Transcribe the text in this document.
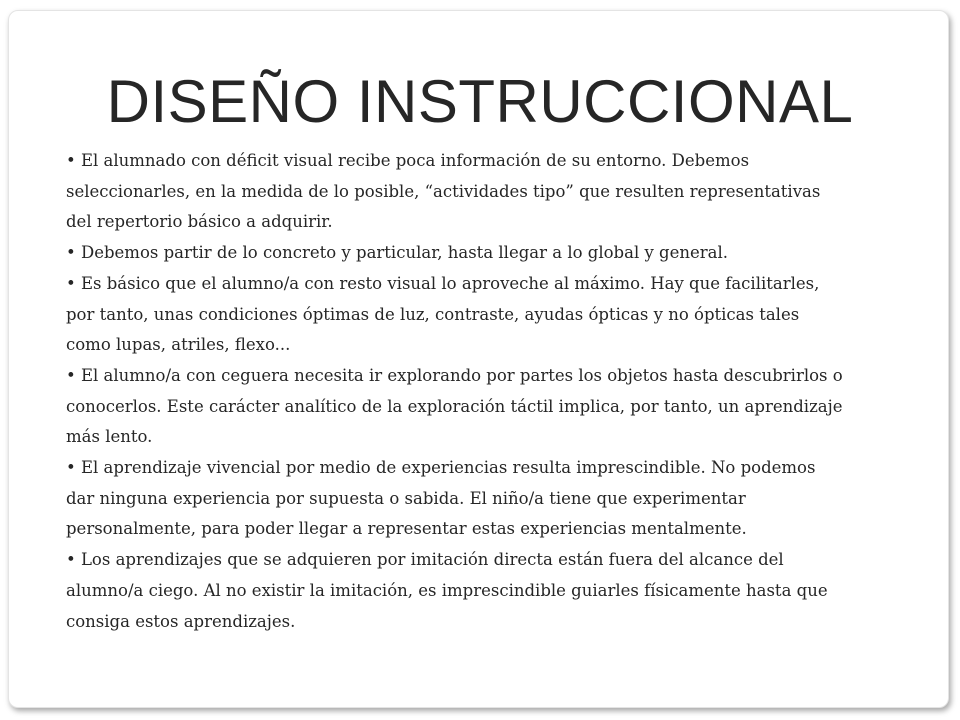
DISEÑO INSTRUCCIONAL
• El alumnado con déficit visual recibe poca información de su entorno. Debemos seleccionarles, en la medida de lo posible, “actividades tipo” que resulten representativas del repertorio básico a adquirir.
• Debemos partir de lo concreto y particular, hasta llegar a lo global y general.
• Es básico que el alumno/a con resto visual lo aproveche al máximo. Hay que facilitarles, por tanto, unas condiciones óptimas de luz, contraste, ayudas ópticas y no ópticas tales como lupas, atriles, flexo...
• El alumno/a con ceguera necesita ir explorando por partes los objetos hasta descubrirlos o conocerlos. Este carácter analítico de la exploración táctil implica, por tanto, un aprendizaje más lento.
• El aprendizaje vivencial por medio de experiencias resulta imprescindible. No podemos dar ninguna experiencia por supuesta o sabida. El niño/a tiene que experimentar personalmente, para poder llegar a representar estas experiencias mentalmente.
• Los aprendizajes que se adquieren por imitación directa están fuera del alcance del alumno/a ciego. Al no existir la imitación, es imprescindible guiarles físicamente hasta que consiga estos aprendizajes.
